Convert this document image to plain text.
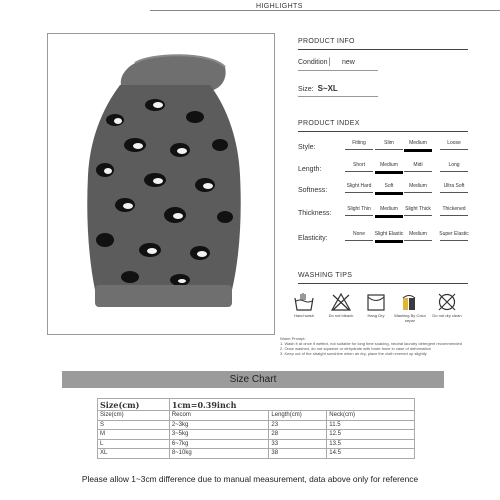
HIGHLIGHTS
PRODUCT INFO
Condition│ new
Size: S~XL
PRODUCT INDEX
Style:
Fitting	Slim	Medium	Loose
Length:
Short	Medium	Midi	Long
Softness:
Slight Hard	Soft	Medium	Ultra Soft
Thickness:
Slight Thin	Medium	Slight Thick	Thickened
Elasticity:
None	Slight Elastic	Medium	Super Elastic
WASHING TIPS
Hand wash	Do not bleach	Hang Dry	Washing By Color separ
Do not dry clean
Warm Prompt:
1. Wash it at once if wetted, not suitable for long time soaking, neutral laundry detergent recommended
2. Once washed, do not squeeze or dehydrate with brute force in case of deformation
3. Keep out of the straight sunshine when air dry, place the cloth evened up slightly
Size Chart
Size(cm)	1cm=0.39inch		
Size(cm)	Recom	Length(cm)	Neck(cm)
S	2~3kg	23	11.5
M	3~5kg	28	12.5
L	6~7kg	33	13.5
XL	8~10kg	38	14.5
Please allow 1~3cm difference due to manual measurement, data above only for reference
